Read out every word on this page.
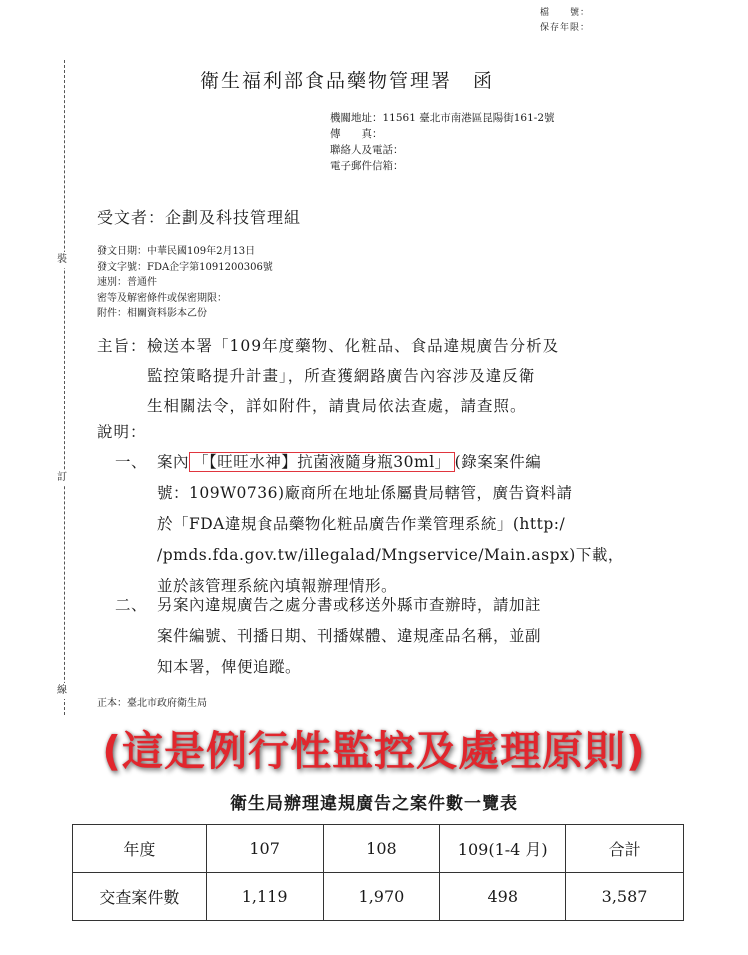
檔　　號：
保存年限：
裝
訂
線
衛生福利部食品藥物管理署　函
機關地址：11561 臺北市南港區昆陽街161-2號
傳　　真：
聯絡人及電話：
電子郵件信箱：
受文者：企劃及科技管理組
發文日期：中華民國109年2月13日
發文字號：FDA企字第1091200306號
速別：普通件
密等及解密條件或保密期限：
附件：相關資料影本乙份
主旨： 檢送本署「109年度藥物、化粧品、食品違規廣告分析及
監控策略提升計畫」，所查獲網路廣告內容涉及違反衛
生相關法令，詳如附件，請貴局依法查處，請查照。
說明：
一、 案內 「【旺旺水神】抗菌液隨身瓶30ml」 (錄案案件編
號：109W0736)廠商所在地址係屬貴局轄管，廣告資料請
於「FDA違規食品藥物化粧品廣告作業管理系統」(http:/
/pmds.fda.gov.tw/illegalad/Mngservice/Main.aspx)下載，
並於該管理系統內填報辦理情形。
二、 另案內違規廣告之處分書或移送外縣市查辦時，請加註
案件編號、刊播日期、刊播媒體、違規產品名稱，並副
知本署，俾便追蹤。
正本：臺北市政府衛生局
(這是例行性監控及處理原則)
衛生局辦理違規廣告之案件數一覽表
年度	107	108	109(1-4 月)	合計
交查案件數	1,119	1,970	498	3,587
